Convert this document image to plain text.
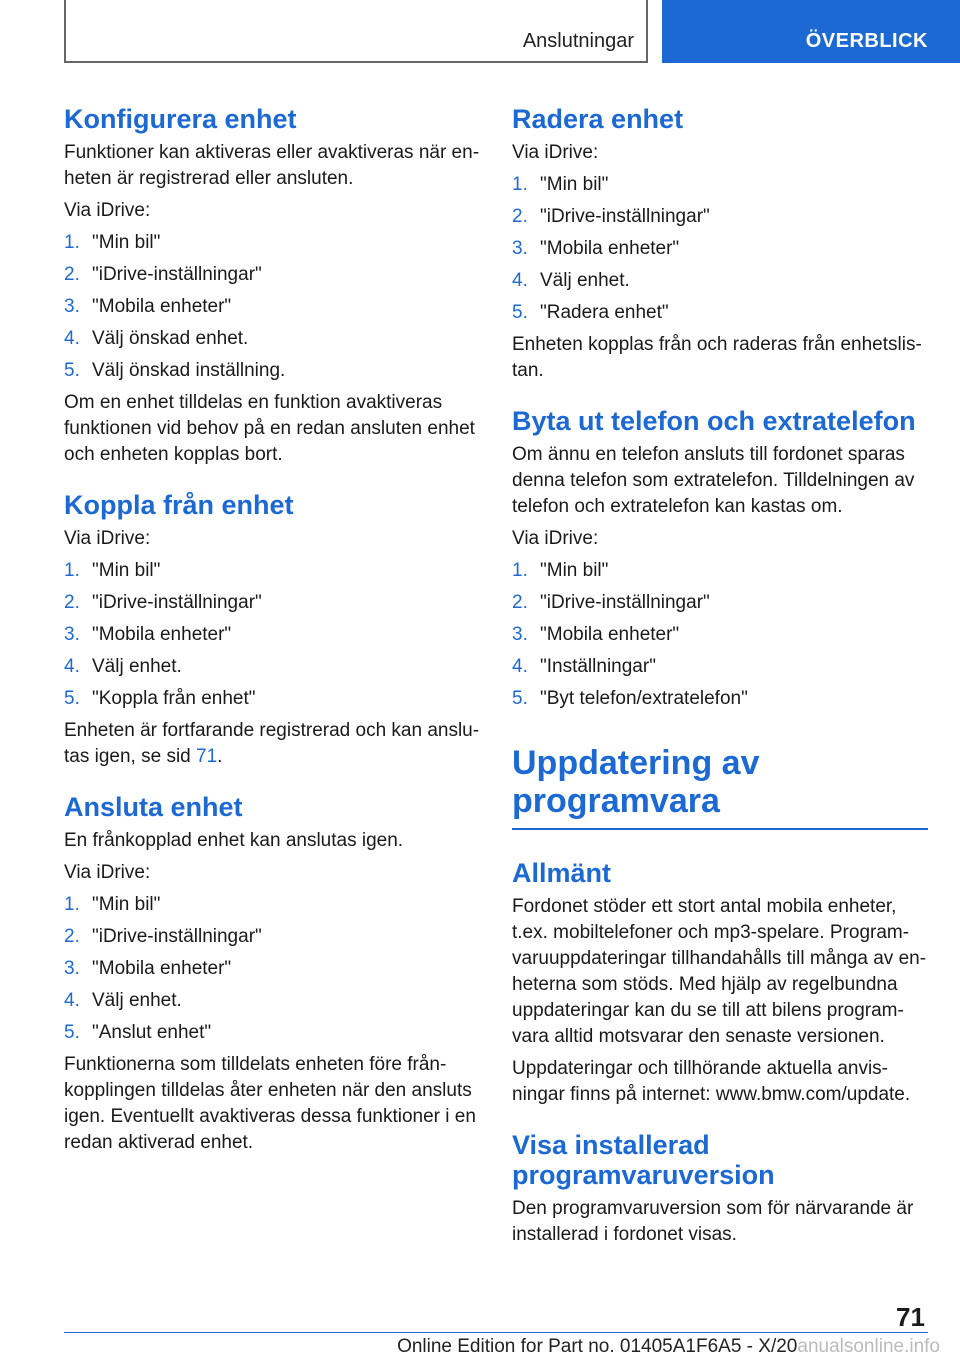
Anslutningar	ÖVERBLICK
Konfigurera enhet

Funktioner kan aktiveras eller avaktiveras när en-heten är registrerad eller ansluten.

Via iDrive:

1. "Min bil"
2. "iDrive-inställningar"
3. "Mobila enheter"
4. Välj önskad enhet.
5. Välj önskad inställning.

Om en enhet tilldelas en funktion avaktiveras funktionen vid behov på en redan ansluten enhet och enheten kopplas bort.

Koppla från enhet

Via iDrive:

1. "Min bil"
2. "iDrive-inställningar"
3. "Mobila enheter"
4. Välj enhet.
5. "Koppla från enhet"

Enheten är fortfarande registrerad och kan anslu-tas igen, se sid 71.

Ansluta enhet

En frånkopplad enhet kan anslutas igen.

Via iDrive:

1. "Min bil"
2. "iDrive-inställningar"
3. "Mobila enheter"
4. Välj enhet.
5. "Anslut enhet"

Funktionerna som tilldelats enheten före från-kopplingen tilldelas åter enheten när den ansluts igen. Eventuellt avaktiveras dessa funktioner i en redan aktiverad enhet.

Radera enhet

Via iDrive:

1. "Min bil"
2. "iDrive-inställningar"
3. "Mobila enheter"
4. Välj enhet.
5. "Radera enhet"

Enheten kopplas från och raderas från enhetslis-tan.

Byta ut telefon och extratelefon

Om ännu en telefon ansluts till fordonet sparas denna telefon som extratelefon. Tilldelningen av telefon och extratelefon kan kastas om.

Via iDrive:

1. "Min bil"
2. "iDrive-inställningar"
3. "Mobila enheter"
4. "Inställningar"
5. "Byt telefon/extratelefon"
Uppdatering av programvara
Allmänt

Fordonet stöder ett stort antal mobila enheter, t.ex. mobiltelefoner och mp3-spelare. Program-varuuppdateringar tillhandahålls till många av en-heterna som stöds. Med hjälp av regelbundna uppdateringar kan du se till att bilens program-vara alltid motsvarar den senaste versionen.

Uppdateringar och tillhörande aktuella anvis-ningar finns på internet: www.bmw.com/update.

Visa installerad programvaruversion

Den programvaruversion som för närvarande är installerad i fordonet visas.

71
Online Edition for Part no. 01405A1F6A5 - X/20anualsonline.info
